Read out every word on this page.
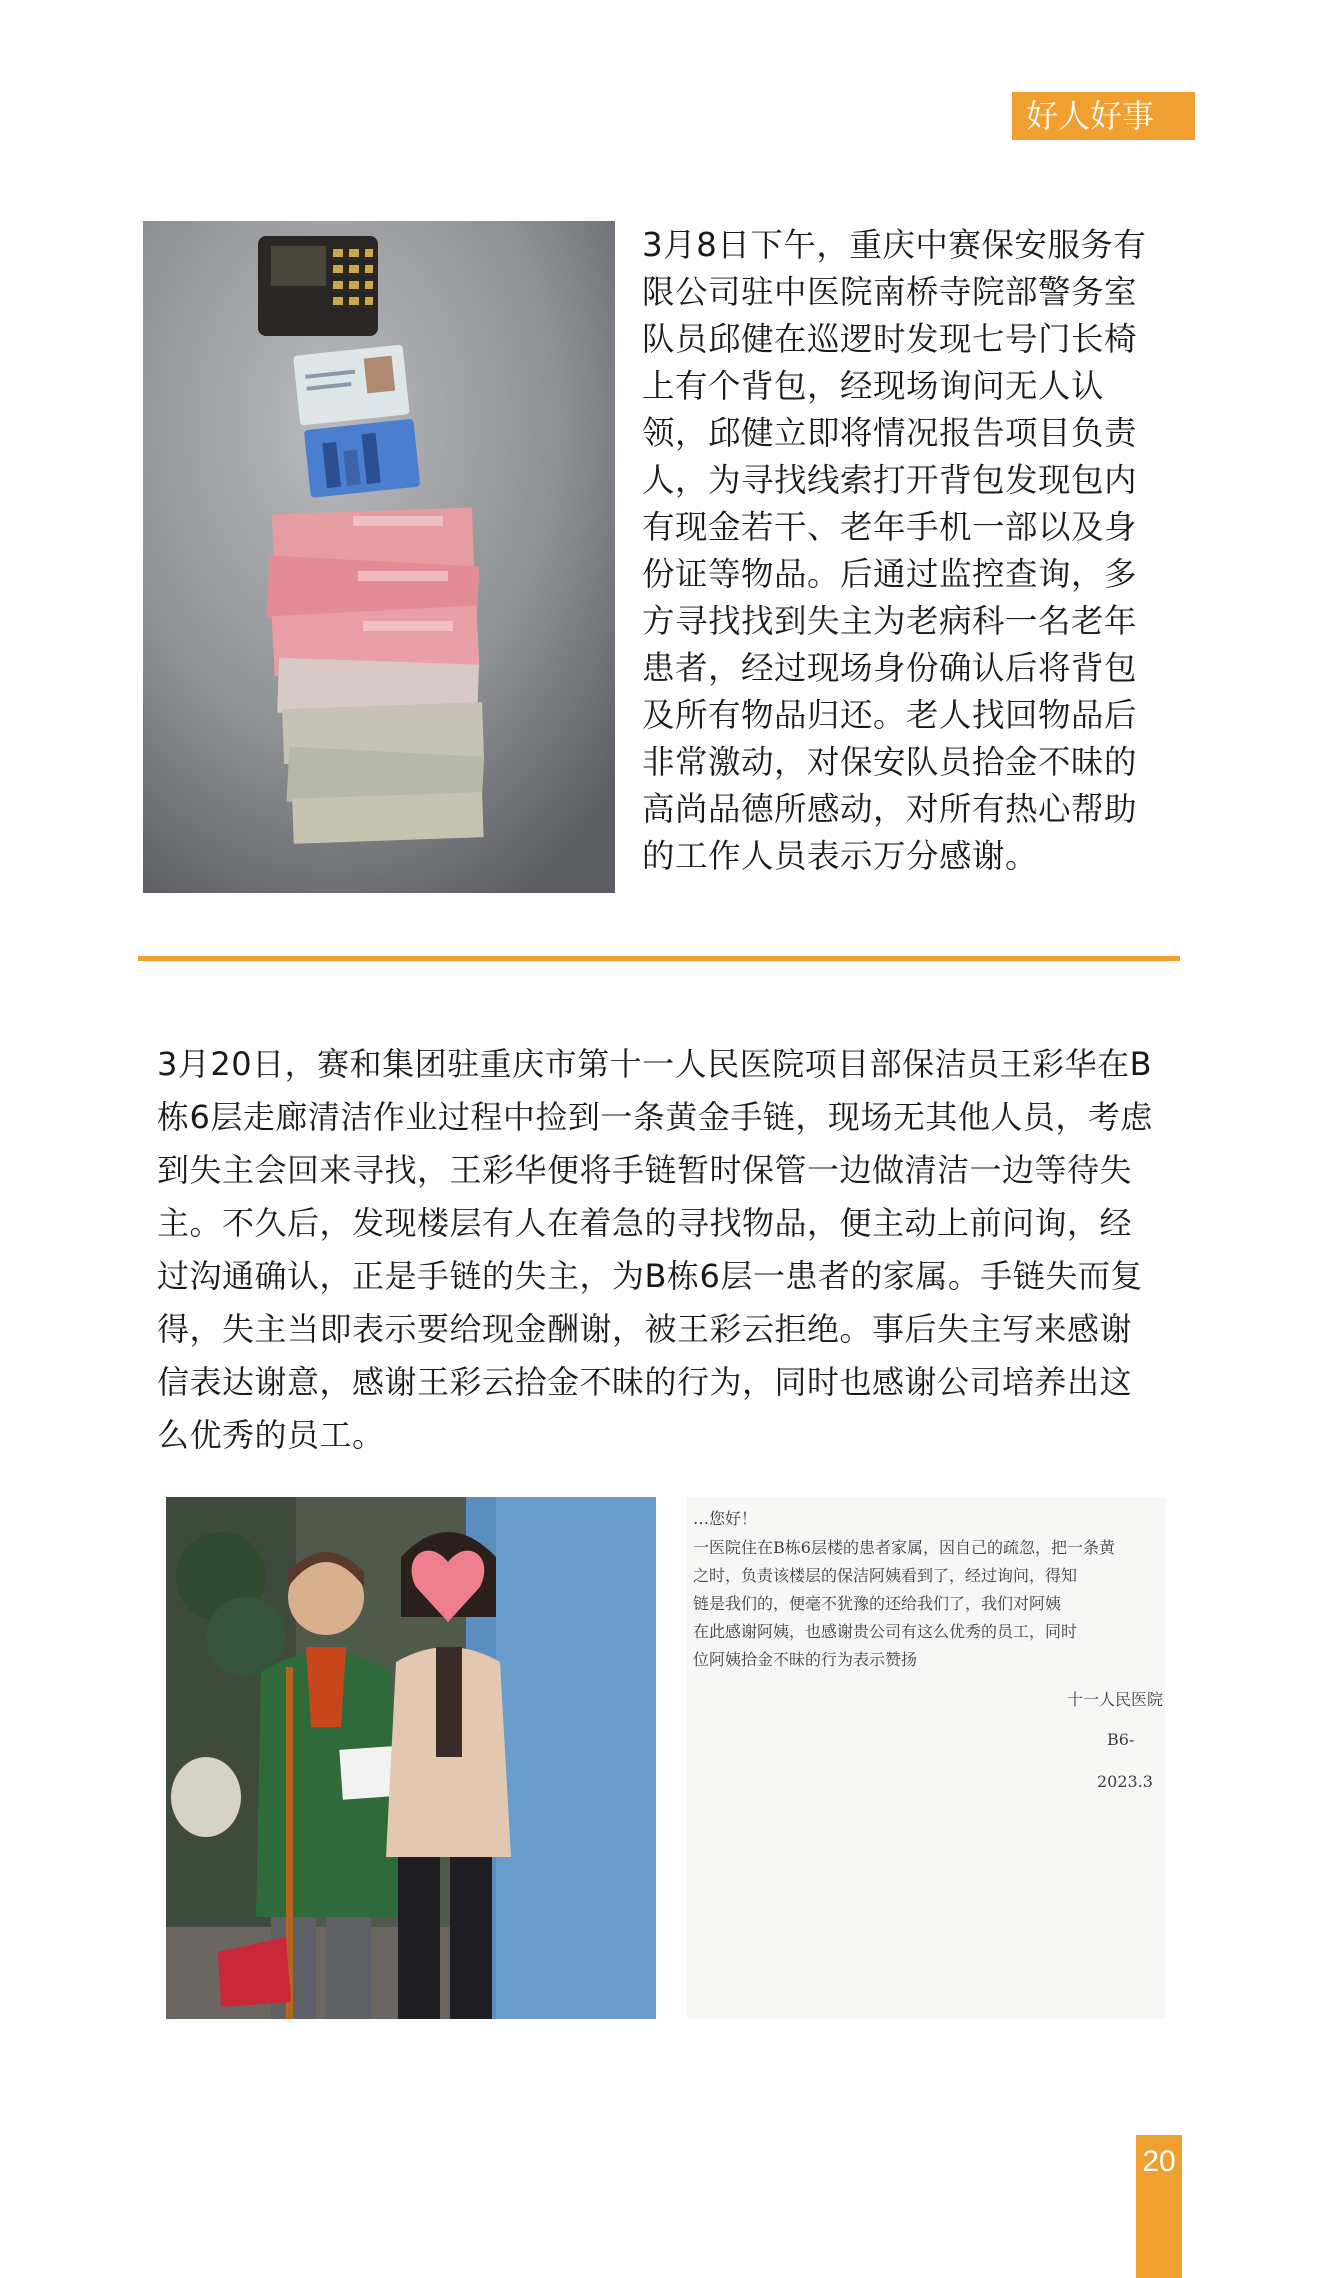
好人好事

3月8日下午，重庆中赛保安服务有限公司驻中医院南桥寺院部警务室队员邱健在巡逻时发现七号门长椅上有个背包，经现场询问无人认领，邱健立即将情况报告项目负责人，为寻找线索打开背包发现包内有现金若干、老年手机一部以及身份证等物品。后通过监控查询，多方寻找找到失主为老病科一名老年患者，经过现场身份确认后将背包及所有物品归还。老人找回物品后非常激动，对保安队员拾金不昧的高尚品德所感动，对所有热心帮助的工作人员表示万分感谢。

3月20日，赛和集团驻重庆市第十一人民医院项目部保洁员王彩华在B栋6层走廊清洁作业过程中捡到一条黄金手链，现场无其他人员，考虑到失主会回来寻找，王彩华便将手链暂时保管一边做清洁一边等待失主。不久后，发现楼层有人在着急的寻找物品，便主动上前问询，经过沟通确认，正是手链的失主，为B栋6层一患者的家属。手链失而复得，失主当即表示要给现金酬谢，被王彩云拒绝。事后失主写来感谢信表达谢意，感谢王彩云拾金不昧的行为，同时也感谢公司培养出这么优秀的员工。

…您好！
一医院住在B栋6层楼的患者家属，因自己的疏忽，把一条黄
之时，负责该楼层的保洁阿姨看到了，经过询问，得知
链是我们的，便毫不犹豫的还给我们了，我们对阿姨
在此感谢阿姨，也感谢贵公司有这么优秀的员工，同时
位阿姨拾金不昧的行为表示赞扬
十一人民医院
B6-
2023.3
20
